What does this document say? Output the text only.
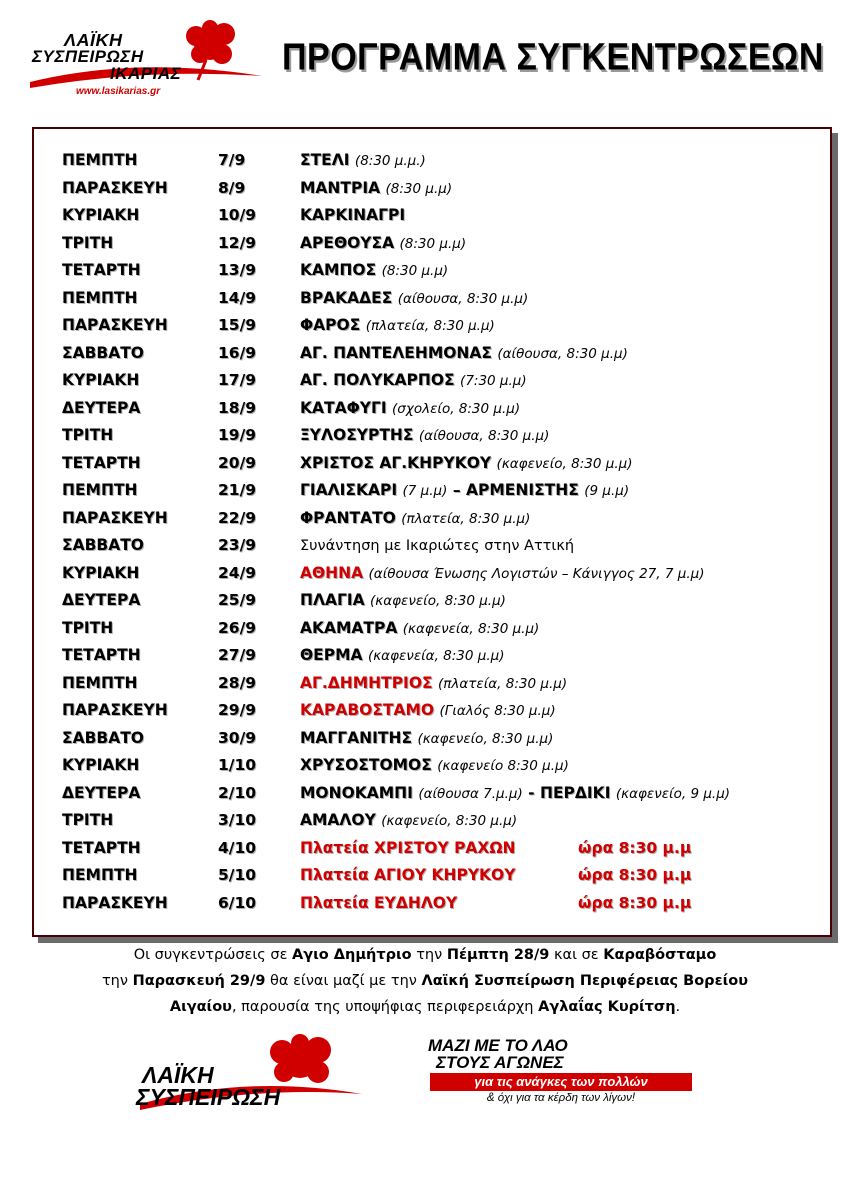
ΛΑΪΚΗ
ΣΥΣΠΕΙΡΩΣΗ
ΙΚΑΡΙΑΣ
www.lasikarias.gr
ΠΡΟΓΡΑΜΜΑ ΣΥΓΚΕΝΤΡΩΣΕΩΝ
ΠΕΜΠΤΗ	7/9	ΣΤΕΛΙ (8:30 μ.μ.)
ΠΑΡΑΣΚΕΥΗ	8/9	ΜΑΝΤΡΙΑ (8:30 μ.μ)
ΚΥΡΙΑΚΗ	10/9	ΚΑΡΚΙΝΑΓΡΙ
ΤΡΙΤΗ	12/9	ΑΡΕΘΟΥΣΑ (8:30 μ.μ)
ΤΕΤΑΡΤΗ	13/9	ΚΑΜΠΟΣ (8:30 μ.μ)
ΠΕΜΠΤΗ	14/9	ΒΡΑΚΑΔΕΣ (αίθουσα, 8:30 μ.μ)
ΠΑΡΑΣΚΕΥΗ	15/9	ΦΑΡΟΣ (πλατεία, 8:30 μ.μ)
ΣΑΒΒΑΤΟ	16/9	ΑΓ. ΠΑΝΤΕΛΕΗΜΟΝΑΣ (αίθουσα, 8:30 μ.μ)
ΚΥΡΙΑΚΗ	17/9	ΑΓ. ΠΟΛΥΚΑΡΠΟΣ (7:30 μ.μ)
ΔΕΥΤΕΡΑ	18/9	ΚΑΤΑΦΥΓΙ (σχολείο, 8:30 μ.μ)
ΤΡΙΤΗ	19/9	ΞΥΛΟΣΥΡΤΗΣ (αίθουσα, 8:30 μ.μ)
ΤΕΤΑΡΤΗ	20/9	ΧΡΙΣΤΟΣ ΑΓ.ΚΗΡΥΚΟΥ (καφενείο, 8:30 μ.μ)
ΠΕΜΠΤΗ	21/9	ΓΙΑΛΙΣΚΑΡΙ (7 μ.μ) – ΑΡΜΕΝΙΣΤΗΣ (9 μ.μ)
ΠΑΡΑΣΚΕΥΗ	22/9	ΦΡΑΝΤΑΤΟ (πλατεία, 8:30 μ.μ)
ΣΑΒΒΑΤΟ	23/9	Συνάντηση με Ικαριώτες στην Αττική
ΚΥΡΙΑΚΗ	24/9	ΑΘΗΝΑ (αίθουσα Ένωσης Λογιστών – Κάνιγγος 27, 7 μ.μ)
ΔΕΥΤΕΡΑ	25/9	ΠΛΑΓΙΑ (καφενείο, 8:30 μ.μ)
ΤΡΙΤΗ	26/9	ΑΚΑΜΑΤΡΑ (καφενεία, 8:30 μ.μ)
ΤΕΤΑΡΤΗ	27/9	ΘΕΡΜΑ (καφενεία, 8:30 μ.μ)
ΠΕΜΠΤΗ	28/9	ΑΓ.ΔΗΜΗΤΡΙΟΣ (πλατεία, 8:30 μ.μ)
ΠΑΡΑΣΚΕΥΗ	29/9	ΚΑΡΑΒΟΣΤΑΜΟ (Γιαλός 8:30 μ.μ)
ΣΑΒΒΑΤΟ	30/9	ΜΑΓΓΑΝΙΤΗΣ (καφενείο, 8:30 μ.μ)
ΚΥΡΙΑΚΗ	1/10	ΧΡΥΣΟΣΤΟΜΟΣ (καφενείο 8:30 μ.μ)
ΔΕΥΤΕΡΑ	2/10	ΜΟΝΟΚΑΜΠΙ (αίθουσα 7.μ.μ) - ΠΕΡΔΙΚΙ (καφενείο, 9 μ.μ)
ΤΡΙΤΗ	3/10	ΑΜΑΛΟΥ (καφενείο, 8:30 μ.μ)
ΤΕΤΑΡΤΗ	4/10	Πλατεία ΧΡΙΣΤΟΥ ΡΑΧΩΝ	ώρα 8:30 μ.μ
ΠΕΜΠΤΗ	5/10	Πλατεία ΑΓΙΟΥ ΚΗΡΥΚΟΥ	ώρα 8:30 μ.μ
ΠΑΡΑΣΚΕΥΗ	6/10	Πλατεία ΕΥΔΗΛΟΥ	ώρα 8:30 μ.μ
Οι συγκεντρώσεις σε Αγιο Δημήτριο την Πέμπτη 28/9 και σε Καραβόσταμο
την Παρασκευή 29/9 θα είναι μαζί με την Λαϊκή Συσπείρωση Περιφέρειας Βορείου
Αιγαίου, παρουσία της υποψήφιας περιφερειάρχη Αγλαΐας Κυρίτση.
ΛΑΪΚΗ
ΣΥΣΠΕΙΡΩΣΗ
ΜΑΖΙ ΜΕ ΤΟ ΛΑΟ
ΣΤΟΥΣ ΑΓΩΝΕΣ
για τις ανάγκες των πολλών
& όχι για τα κέρδη των λίγων!
